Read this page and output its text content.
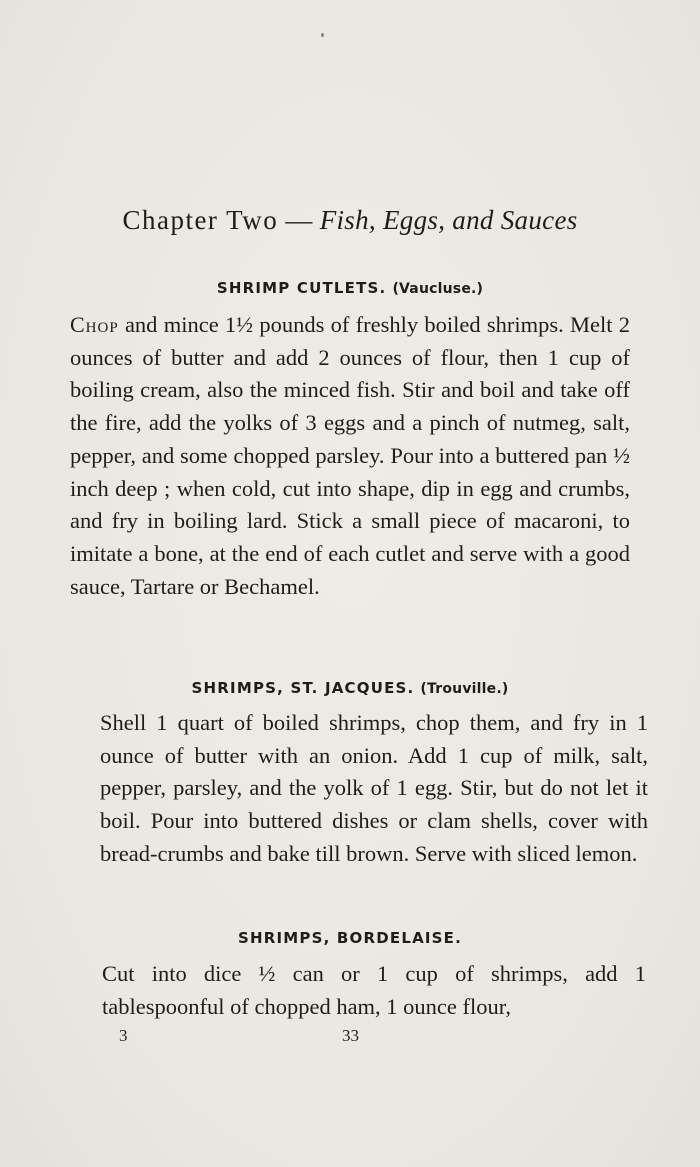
Chapter Two — Fish, Eggs, and Sauces
SHRIMP CUTLETS. (Vaucluse.)
Chop and mince 1½ pounds of freshly boiled shrimps. Melt 2 ounces of butter and add 2 ounces of flour, then 1 cup of boiling cream, also the minced fish. Stir and boil and take off the fire, add the yolks of 3 eggs and a pinch of nutmeg, salt, pepper, and some chopped parsley. Pour into a buttered pan ½ inch deep ; when cold, cut into shape, dip in egg and crumbs, and fry in boiling lard. Stick a small piece of macaroni, to imitate a bone, at the end of each cutlet and serve with a good sauce, Tartare or Bechamel.
SHRIMPS, ST. JACQUES. (Trouville.)
Shell 1 quart of boiled shrimps, chop them, and fry in 1 ounce of butter with an onion. Add 1 cup of milk, salt, pepper, parsley, and the yolk of 1 egg. Stir, but do not let it boil. Pour into buttered dishes or clam shells, cover with bread-crumbs and bake till brown. Serve with sliced lemon.
SHRIMPS, BORDELAISE.
Cut into dice ½ can or 1 cup of shrimps, add 1 tablespoonful of chopped ham, 1 ounce flour,
3	33
